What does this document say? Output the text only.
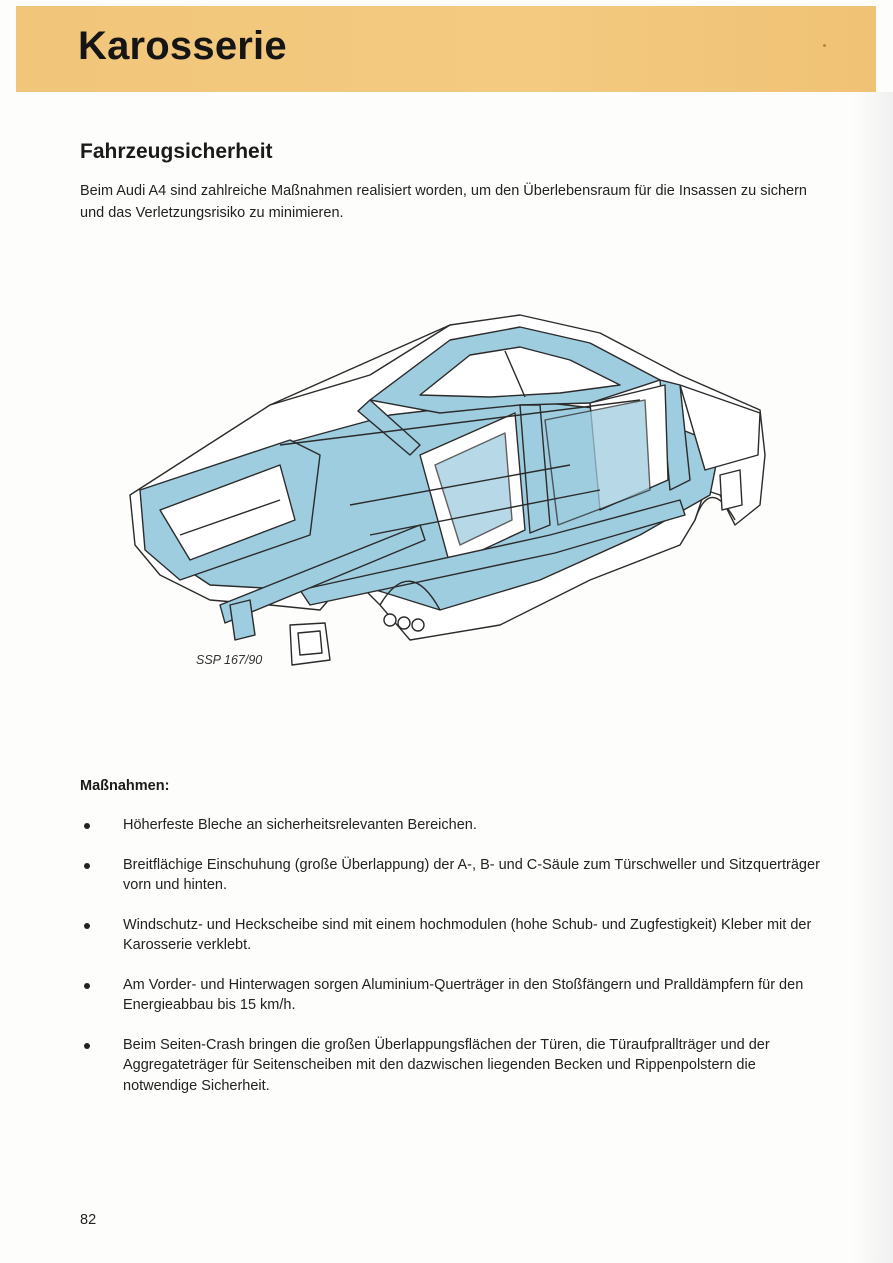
Karosserie
Fahrzeugsicherheit
Beim Audi A4 sind zahlreiche Maßnahmen realisiert worden, um den Überlebensraum für die Insassen zu sichern und das Verletzungsrisiko zu minimieren.
SSP 167/90
Maßnahmen:
Höherfeste Bleche an sicherheitsrelevanten Bereichen.
Breitflächige Einschuhung (große Überlappung) der A-, B- und C-Säule zum Türschweller und Sitzquerträger vorn und hinten.
Windschutz- und Heckscheibe sind mit einem hochmodulen (hohe Schub- und Zugfestigkeit) Kleber mit der Karosserie verklebt.
Am Vorder- und Hinterwagen sorgen Aluminium-Querträger in den Stoßfängern und Pralldämpfern für den Energieabbau bis 15 km/h.
Beim Seiten-Crash bringen die großen Überlappungsflächen der Türen, die Türaufprallträger und der Aggregateträger für Seitenscheiben mit den dazwischen liegenden Becken und Rippenpolstern die notwendige Sicherheit.
82
